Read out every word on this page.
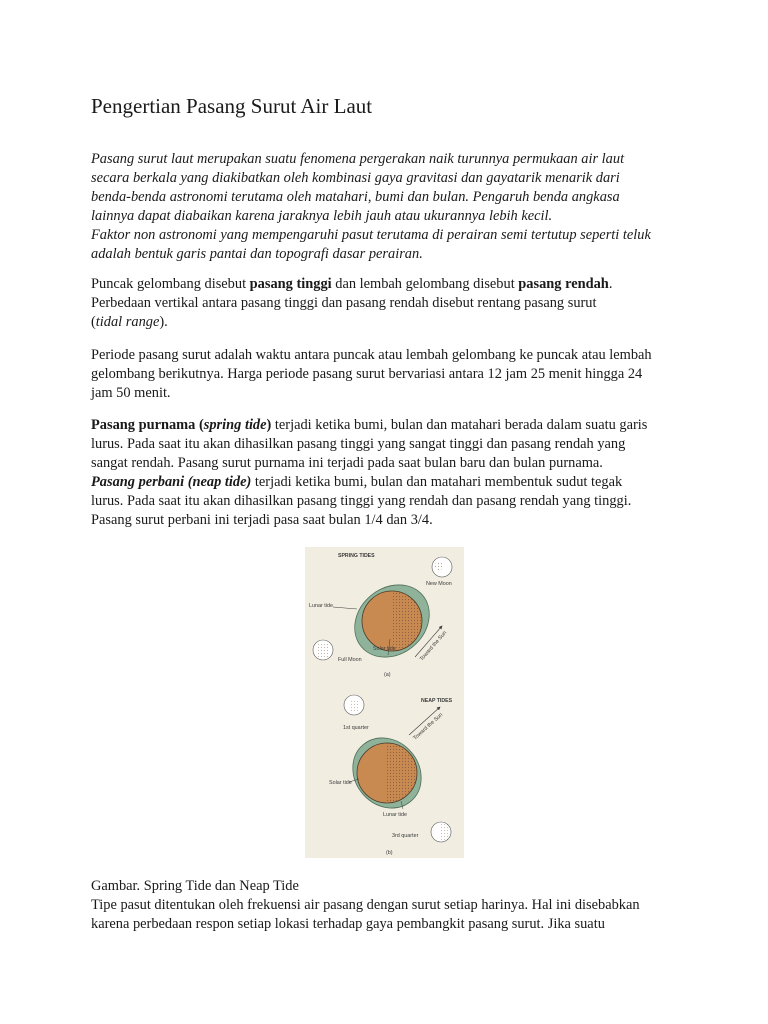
Pengertian Pasang Surut Air Laut

Pasang surut laut merupakan suatu fenomena pergerakan naik turunnya permukaan air laut
secara berkala yang diakibatkan oleh kombinasi gaya gravitasi dan gayatarik menarik dari
benda-benda astronomi terutama oleh matahari, bumi dan bulan. Pengaruh benda angkasa
lainnya dapat diabaikan karena jaraknya lebih jauh atau ukurannya lebih kecil.
Faktor non astronomi yang mempengaruhi pasut terutama di perairan semi tertutup seperti teluk
adalah bentuk garis pantai dan topografi dasar perairan.

Puncak gelombang disebut pasang tinggi dan lembah gelombang disebut pasang rendah.
Perbedaan vertikal antara pasang tinggi dan pasang rendah disebut rentang pasang surut
(tidal range).

Periode pasang surut adalah waktu antara puncak atau lembah gelombang ke puncak atau lembah
gelombang berikutnya. Harga periode pasang surut bervariasi antara 12 jam 25 menit hingga 24
jam 50 menit.

Pasang purnama (spring tide) terjadi ketika bumi, bulan dan matahari berada dalam suatu garis
lurus. Pada saat itu akan dihasilkan pasang tinggi yang sangat tinggi dan pasang rendah yang
sangat rendah. Pasang surut purnama ini terjadi pada saat bulan baru dan bulan purnama.
Pasang perbani (neap tide) terjadi ketika bumi, bulan dan matahari membentuk sudut tegak
lurus. Pada saat itu akan dihasilkan pasang tinggi yang rendah dan pasang rendah yang tinggi.
Pasang surut perbani ini terjadi pasa saat bulan 1/4 dan 3/4.

SPRING TIDES
New Moon
Lunar tide
Solar tide	Toward the Sun
Full Moon
(a)
1st quarter
NEAP TIDES
Toward the Sun
Solar tide
Lunar tide
3rd quarter
(b)

Gambar. Spring Tide dan Neap Tide
Tipe pasut ditentukan oleh frekuensi air pasang dengan surut setiap harinya. Hal ini disebabkan
karena perbedaan respon setiap lokasi terhadap gaya pembangkit pasang surut. Jika suatu
